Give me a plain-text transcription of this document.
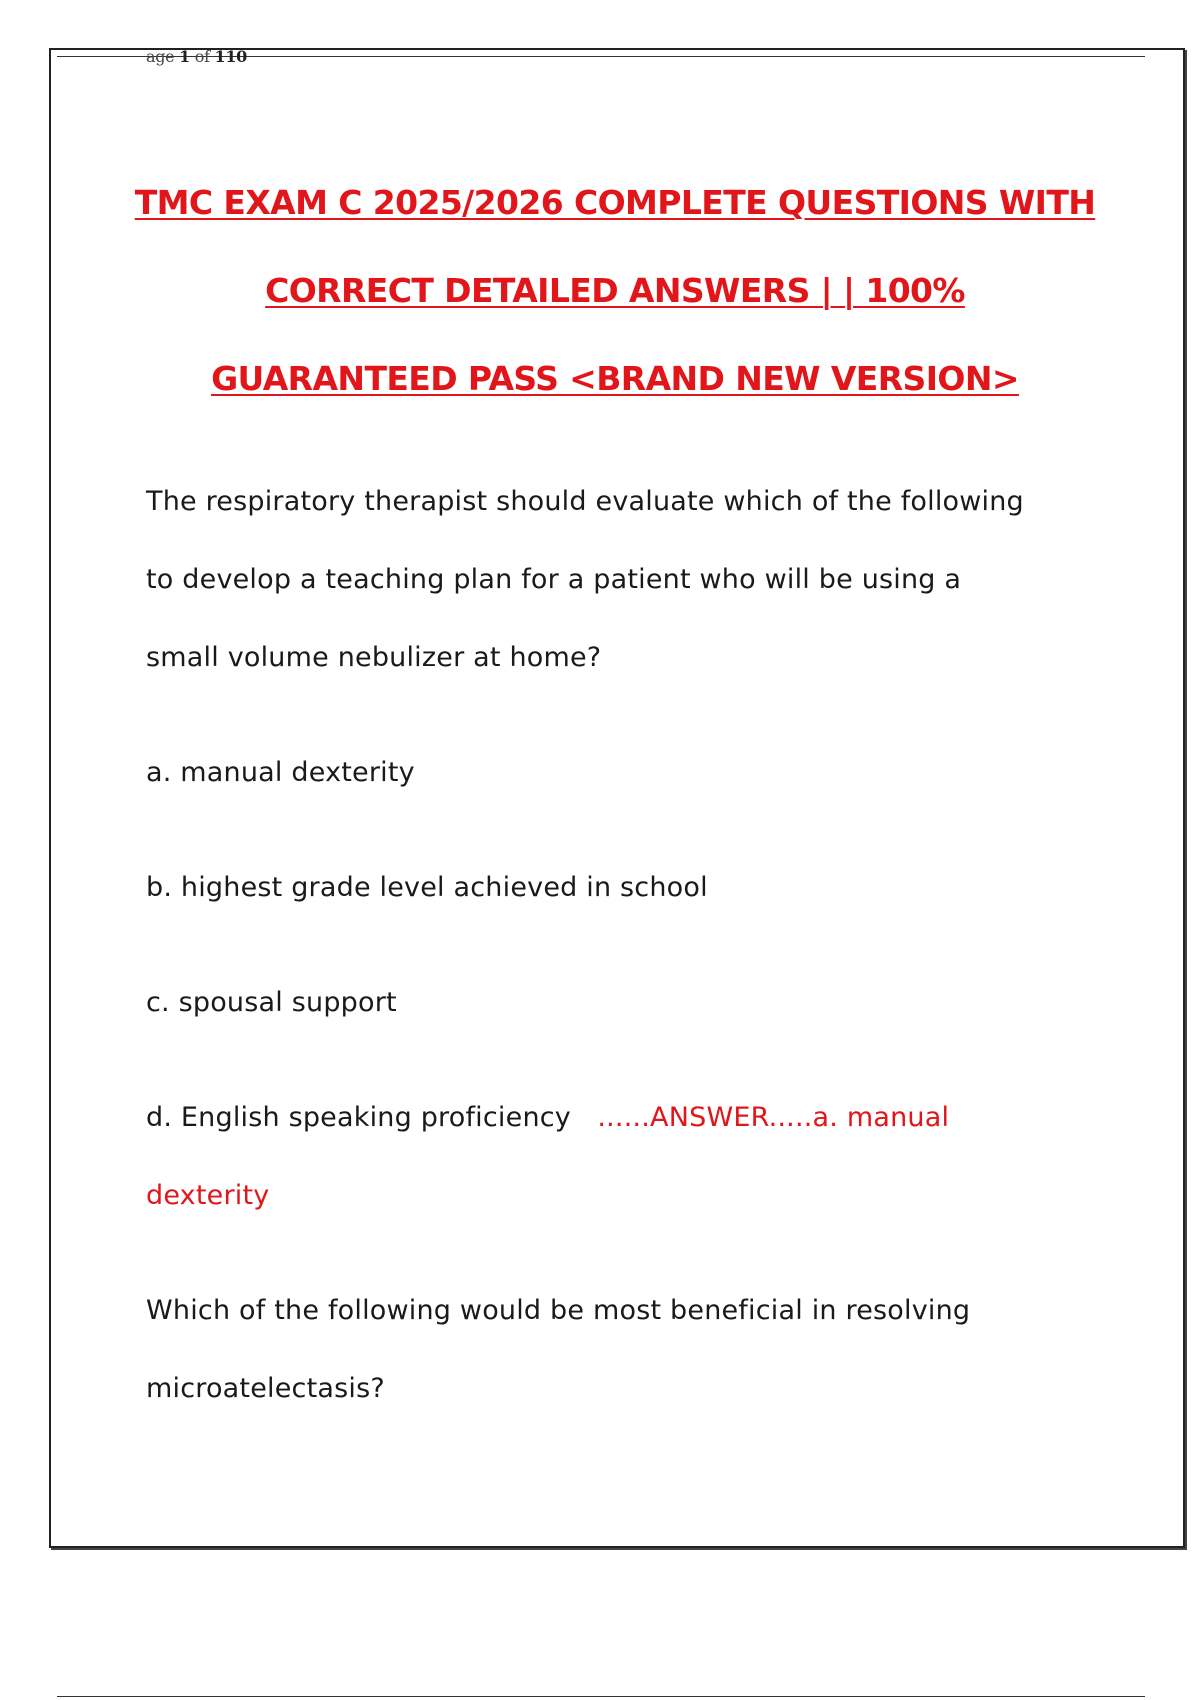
age 1 of 110
TMC EXAM C 2025/2026 COMPLETE QUESTIONS WITH
CORRECT DETAILED ANSWERS | | 100%
GUARANTEED PASS <BRAND NEW VERSION>
The respiratory therapist should evaluate which of the following
to develop a teaching plan for a patient who will be using a
small volume nebulizer at home?
a. manual dexterity
b. highest grade level achieved in school
c. spousal support
d. English speaking proficiency ......ANSWER.....a. manual
dexterity
Which of the following would be most beneficial in resolving
microatelectasis?
